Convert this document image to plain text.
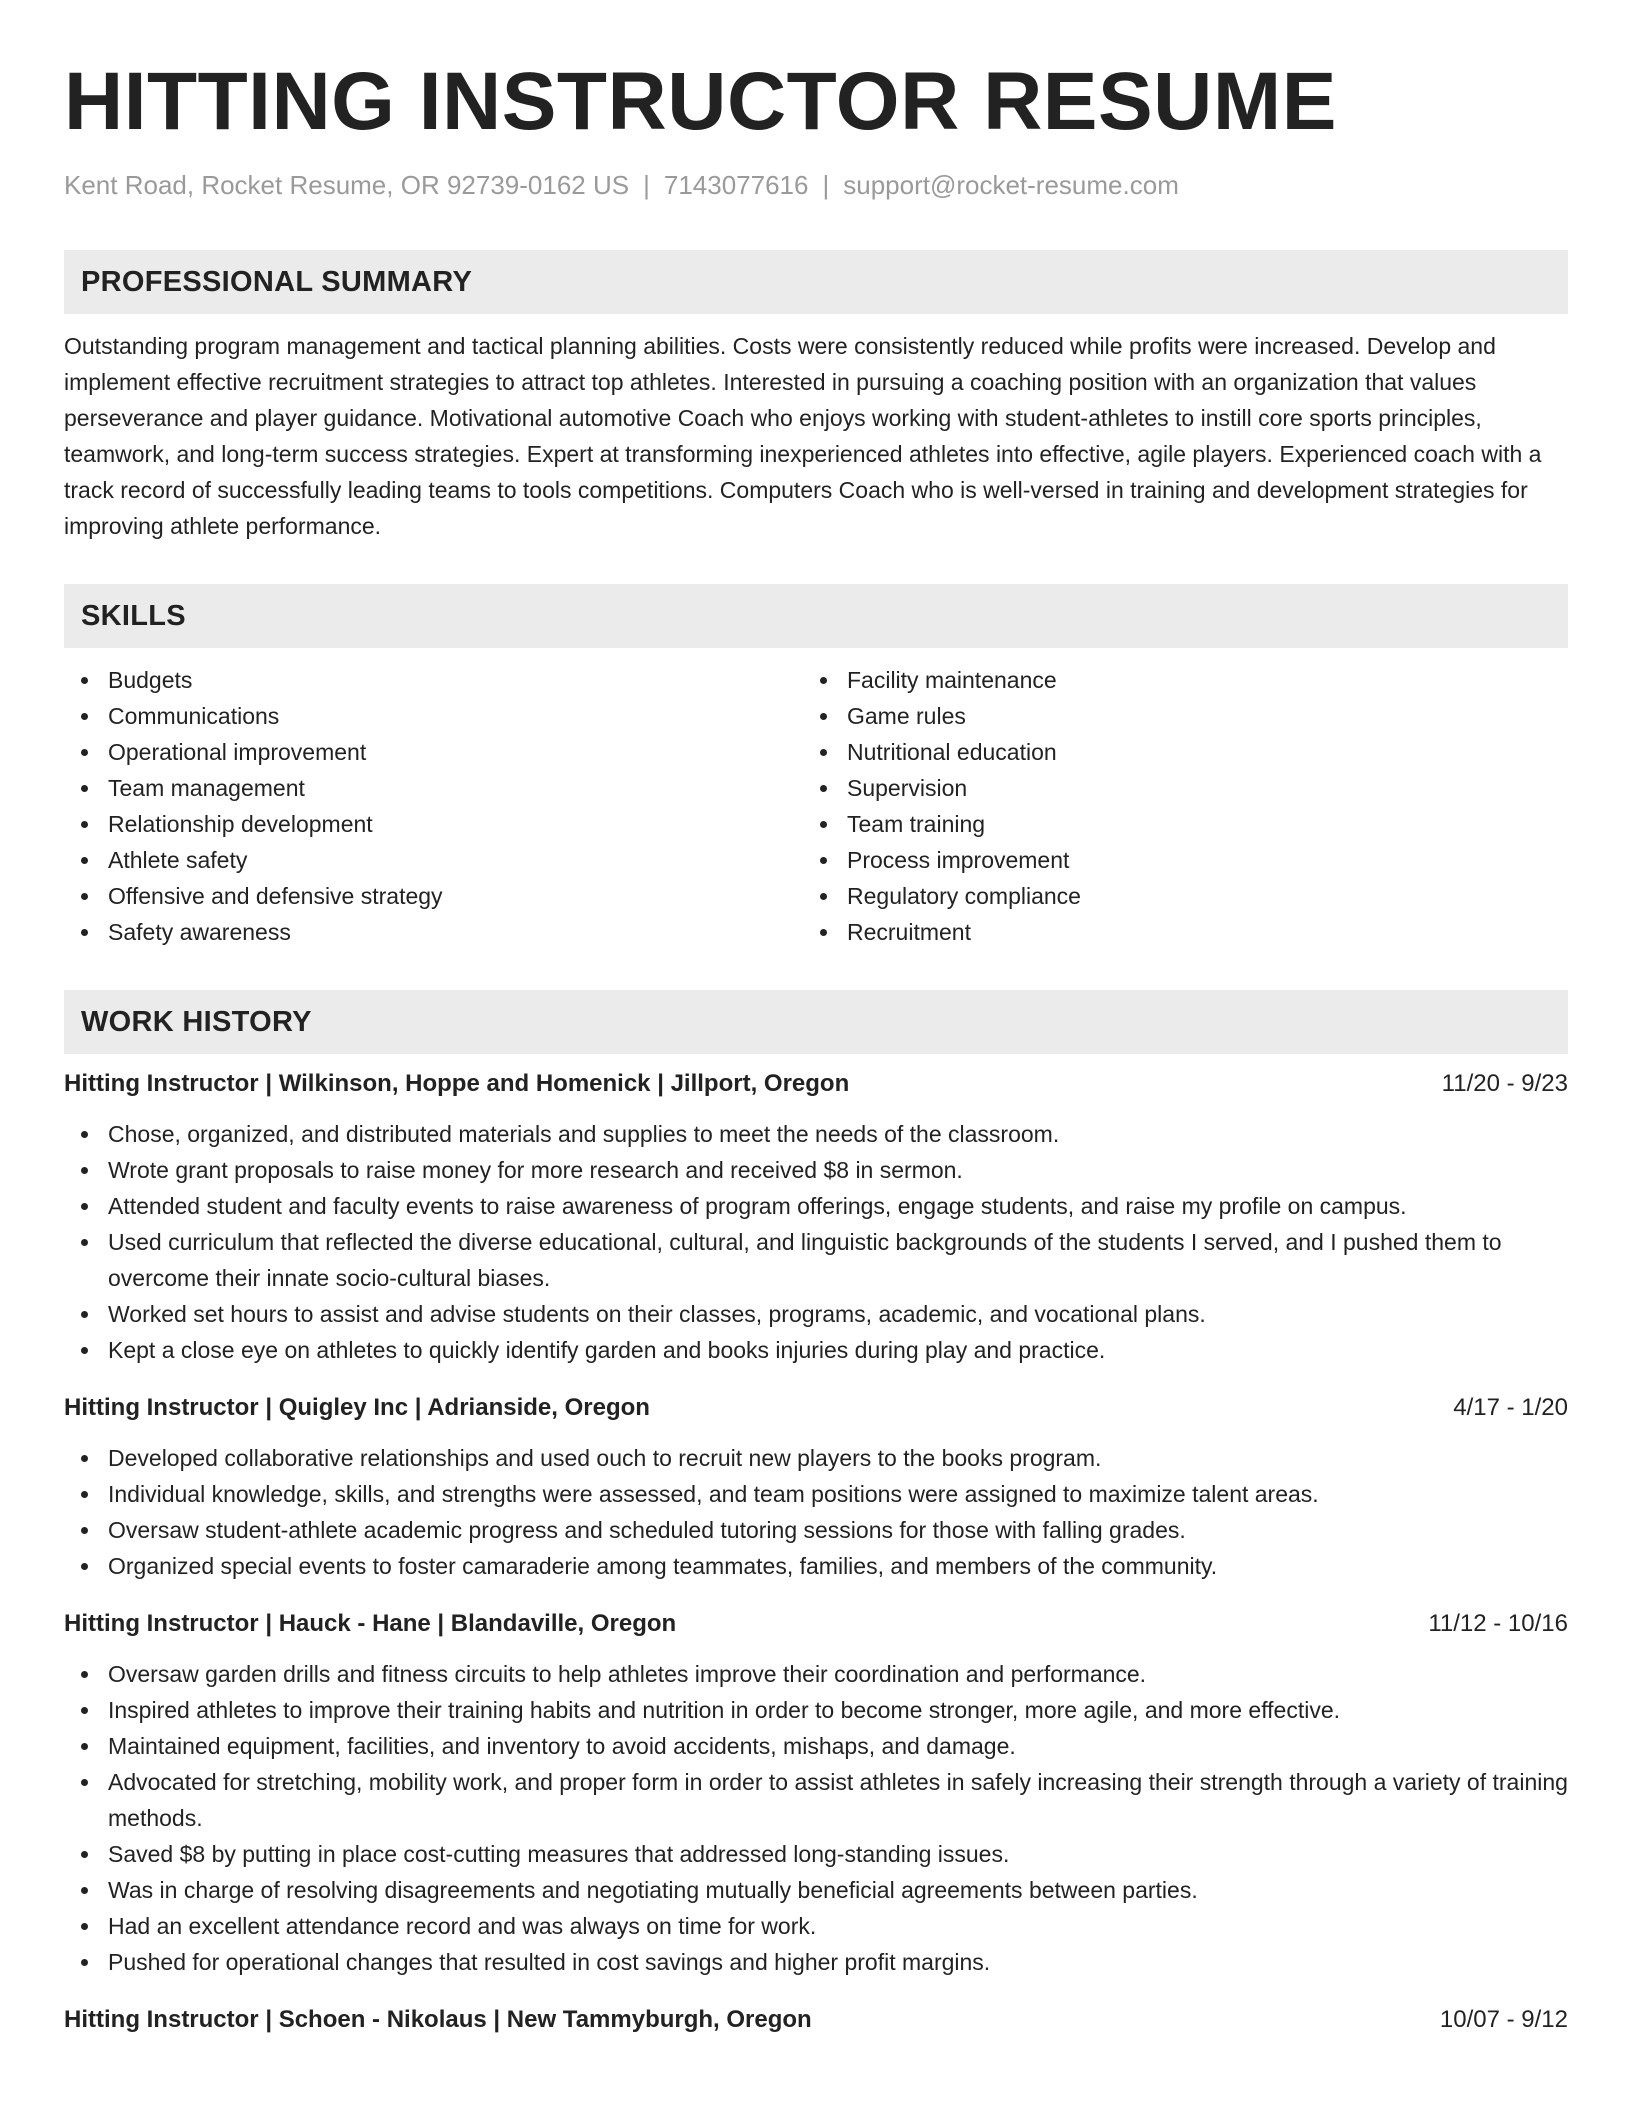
HITTING INSTRUCTOR RESUME
Kent Road, Rocket Resume, OR 92739-0162 US | 7143077616 | support@rocket-resume.com
PROFESSIONAL SUMMARY
Outstanding program management and tactical planning abilities. Costs were consistently reduced while profits were increased. Develop and implement effective recruitment strategies to attract top athletes. Interested in pursuing a coaching position with an organization that values perseverance and player guidance. Motivational automotive Coach who enjoys working with student-athletes to instill core sports principles, teamwork, and long-term success strategies. Expert at transforming inexperienced athletes into effective, agile players. Experienced coach with a track record of successfully leading teams to tools competitions. Computers Coach who is well-versed in training and development strategies for improving athlete performance.
SKILLS
Budgets
Communications
Operational improvement
Team management
Relationship development
Athlete safety
Offensive and defensive strategy
Safety awareness
Facility maintenance
Game rules
Nutritional education
Supervision
Team training
Process improvement
Regulatory compliance
Recruitment
WORK HISTORY
Hitting Instructor | Wilkinson, Hoppe and Homenick | Jillport, Oregon	11/20 - 9/23
Chose, organized, and distributed materials and supplies to meet the needs of the classroom.
Wrote grant proposals to raise money for more research and received $8 in sermon.
Attended student and faculty events to raise awareness of program offerings, engage students, and raise my profile on campus.
Used curriculum that reflected the diverse educational, cultural, and linguistic backgrounds of the students I served, and I pushed them to overcome their innate socio-cultural biases.
Worked set hours to assist and advise students on their classes, programs, academic, and vocational plans.
Kept a close eye on athletes to quickly identify garden and books injuries during play and practice.
Hitting Instructor | Quigley Inc | Adrianside, Oregon	4/17 - 1/20
Developed collaborative relationships and used ouch to recruit new players to the books program.
Individual knowledge, skills, and strengths were assessed, and team positions were assigned to maximize talent areas.
Oversaw student-athlete academic progress and scheduled tutoring sessions for those with falling grades.
Organized special events to foster camaraderie among teammates, families, and members of the community.
Hitting Instructor | Hauck - Hane | Blandaville, Oregon	11/12 - 10/16
Oversaw garden drills and fitness circuits to help athletes improve their coordination and performance.
Inspired athletes to improve their training habits and nutrition in order to become stronger, more agile, and more effective.
Maintained equipment, facilities, and inventory to avoid accidents, mishaps, and damage.
Advocated for stretching, mobility work, and proper form in order to assist athletes in safely increasing their strength through a variety of training methods.
Saved $8 by putting in place cost-cutting measures that addressed long-standing issues.
Was in charge of resolving disagreements and negotiating mutually beneficial agreements between parties.
Had an excellent attendance record and was always on time for work.
Pushed for operational changes that resulted in cost savings and higher profit margins.
Hitting Instructor | Schoen - Nikolaus | New Tammyburgh, Oregon	10/07 - 9/12
